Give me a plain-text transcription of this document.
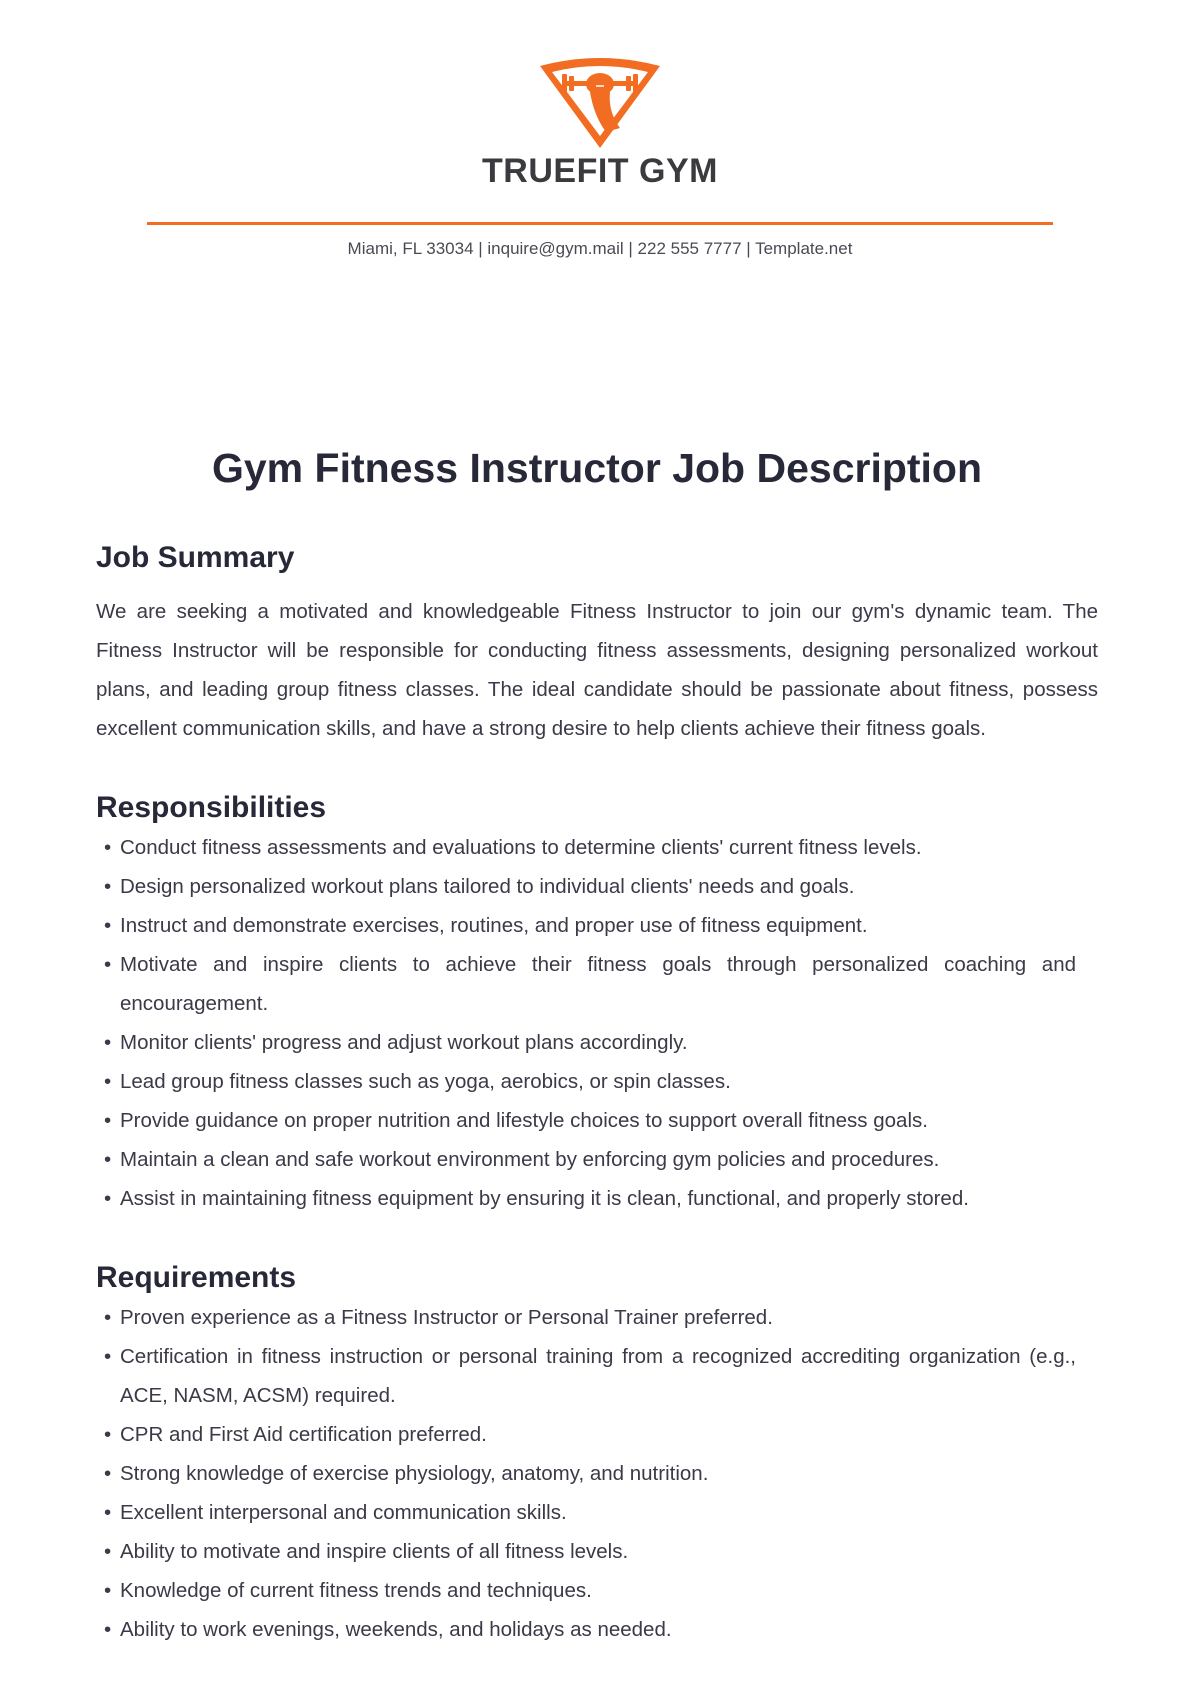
TRUEFIT GYM
Miami, FL 33034 | inquire@gym.mail | 222 555 7777 | Template.net
Gym Fitness Instructor Job Description
Job Summary

We are seeking a motivated and knowledgeable Fitness Instructor to join our gym's dynamic team. The Fitness Instructor will be responsible for conducting fitness assessments, designing personalized workout plans, and leading group fitness classes. The ideal candidate should be passionate about fitness, possess excellent communication skills, and have a strong desire to help clients achieve their fitness goals.

Responsibilities
• Conduct fitness assessments and evaluations to determine clients' current fitness levels.
• Design personalized workout plans tailored to individual clients' needs and goals.
• Instruct and demonstrate exercises, routines, and proper use of fitness equipment.
• Motivate and inspire clients to achieve their fitness goals through personalized coaching and encouragement.
• Monitor clients' progress and adjust workout plans accordingly.
• Lead group fitness classes such as yoga, aerobics, or spin classes.
• Provide guidance on proper nutrition and lifestyle choices to support overall fitness goals.
• Maintain a clean and safe workout environment by enforcing gym policies and procedures.
• Assist in maintaining fitness equipment by ensuring it is clean, functional, and properly stored.
Requirements
• Proven experience as a Fitness Instructor or Personal Trainer preferred.
• Certification in fitness instruction or personal training from a recognized accrediting organization (e.g., ACE, NASM, ACSM) required.
• CPR and First Aid certification preferred.
• Strong knowledge of exercise physiology, anatomy, and nutrition.
• Excellent interpersonal and communication skills.
• Ability to motivate and inspire clients of all fitness levels.
• Knowledge of current fitness trends and techniques.
• Ability to work evenings, weekends, and holidays as needed.
